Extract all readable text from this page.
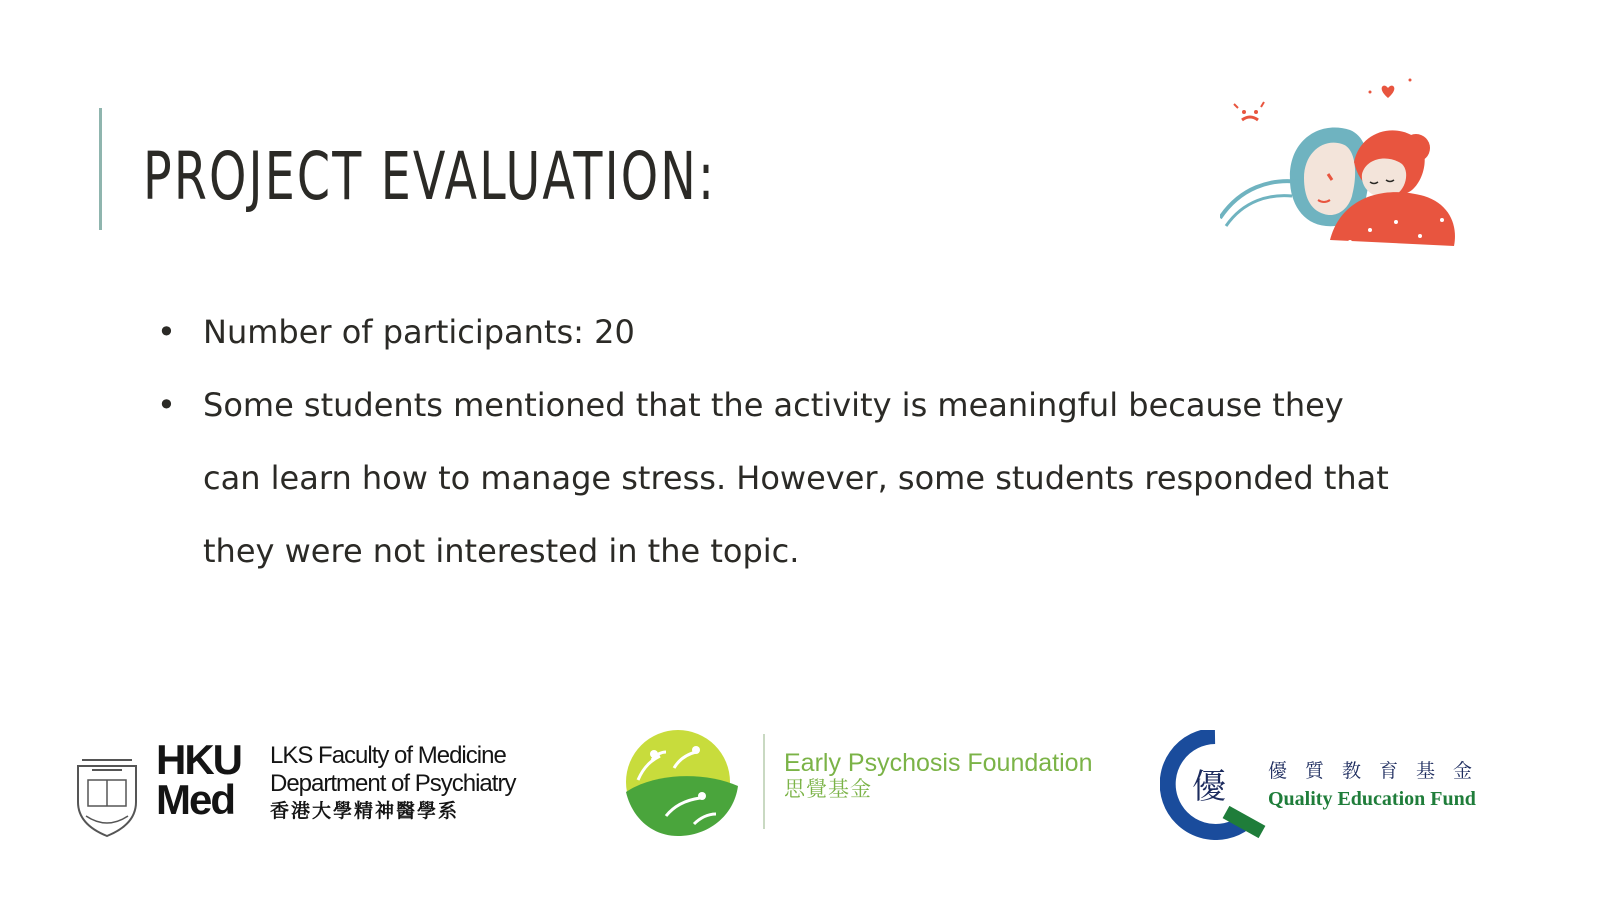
PROJECT EVALUATION:
• Number of participants: 20
• Some students mentioned that the activity is meaningful because they can learn how to manage stress. However, some students responded that they were not interested in the topic.
HKU
Med
LKS Faculty of Medicine
Department of Psychiatry
香港大學精神醫學系
Early Psychosis Foundation
思覺基金	優 優質教育基金
Quality Education Fund
